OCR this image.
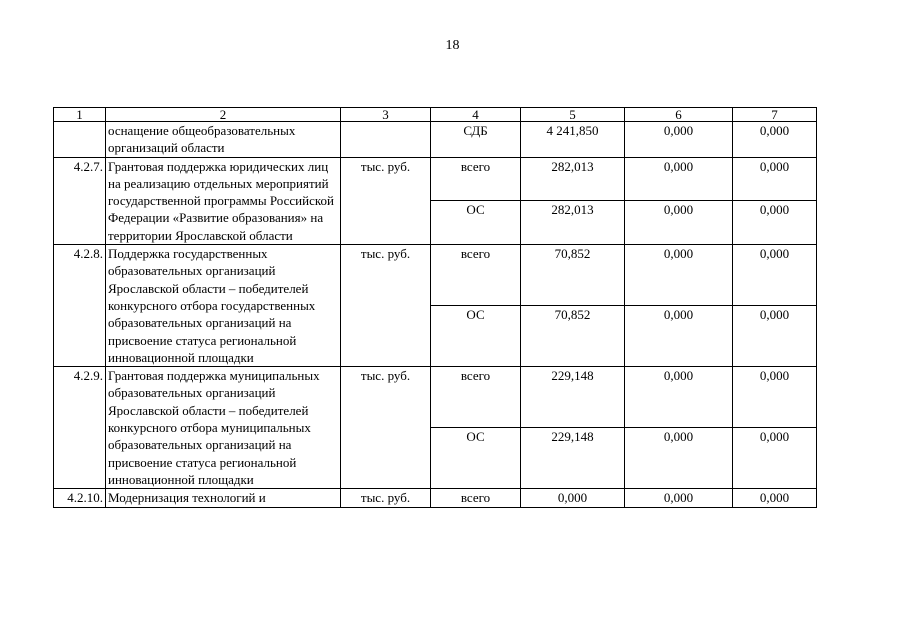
18
1	2	3	4	5	6	7
	оснащение общеобразовательных организаций области		СДБ	4 241,850	0,000	0,000
4.2.7.	Грантовая поддержка юридических лиц на реализацию отдельных мероприятий государственной программы Российской Федерации «Развитие образования» на территории Ярославской области	тыс. руб.	всего	282,013	0,000	0,000
			ОС	282,013	0,000	0,000
4.2.8.	Поддержка государственных образовательных организаций Ярославской области – победителей конкурсного отбора государственных образовательных организаций на присвоение статуса региональной инновационной площадки	тыс. руб.	всего	70,852	0,000	0,000
			ОС	70,852	0,000	0,000
4.2.9.	Грантовая поддержка муниципальных образовательных организаций Ярославской области – победителей конкурсного отбора муниципальных образовательных организаций на присвоение статуса региональной инновационной площадки	тыс. руб.	всего	229,148	0,000	0,000
			ОС	229,148	0,000	0,000
4.2.10.	Модернизация технологий и	тыс. руб.	всего	0,000	0,000	0,000
